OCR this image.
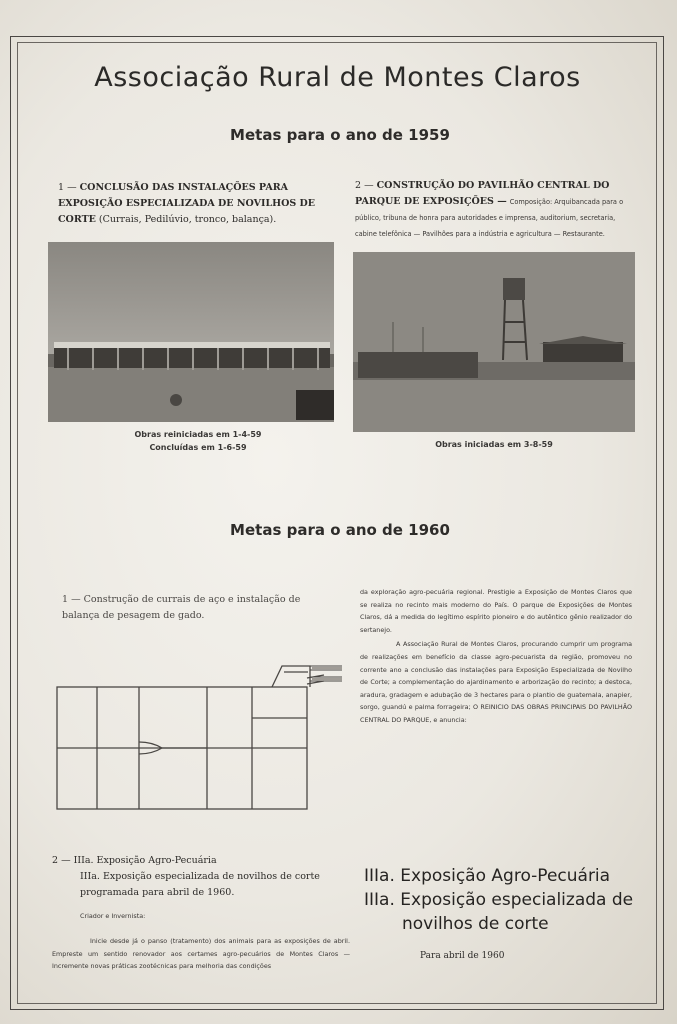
Associação Rural de Montes Claros
Metas para o ano de 1959
1 — CONCLUSÃO DAS INSTALAÇÕES PARA EXPOSIÇÃO ESPECIALIZADA DE NOVILHOS DE CORTE (Currais, Pedilúvio, tronco, balança).
2 — CONSTRUÇÃO DO PAVILHÃO CENTRAL DO PARQUE DE EXPOSIÇÕES — Composição: Arquibancada para o público, tribuna de honra para autoridades e imprensa, auditorium, secretaria, cabine telefônica — Pavilhões para a indústria e agricultura — Restaurante.
Obras reiniciadas em 1-4-59
Concluídas em 1-6-59	Obras iniciadas em 3-8-59
Metas para o ano de 1960
1 — Construção de currais de aço e instalação de balança de pesagem de gado.
da exploração agro-pecuária regional. Prestigie a Exposição de Montes Claros que se realiza no recinto mais moderno do País. O parque de Exposições de Montes Claros, dá a medida do legítimo espírito pioneiro e do autêntico gênio realizador do sertanejo.
A Associação Rural de Montes Claros, procurando cumprir um programa de realizações em benefício da classe agro-pecuarista da região, promoveu no corrente ano a conclusão das instalações para Exposição Especializada de Novilho de Corte; a complementação do ajardinamento e arborização do recinto; a destoca, aradura, gradagem e adubação de 3 hectares para o plantio de guatemala, anapier, sorgo, guandú e palma forrageira; O REINICIO DAS OBRAS PRINCIPAIS DO PAVILHÃO CENTRAL DO PARQUE, e anuncia:
2 — IIIa. Exposição Agro-Pecuária
IIIa. Exposição especializada de novilhos de corte programada para abril de 1960.
Criador e Invernista:
Inicie desde já o panso (tratamento) dos animais para as exposições de abril. Empreste um sentido renovador aos certames agro-pecuários de Montes Claros — Incremente novas práticas zootécnicas para melhoria das condições
IIIa. Exposição Agro-Pecuária
IIIa. Exposição especializada de
novilhos de corte
Para abril de 1960
